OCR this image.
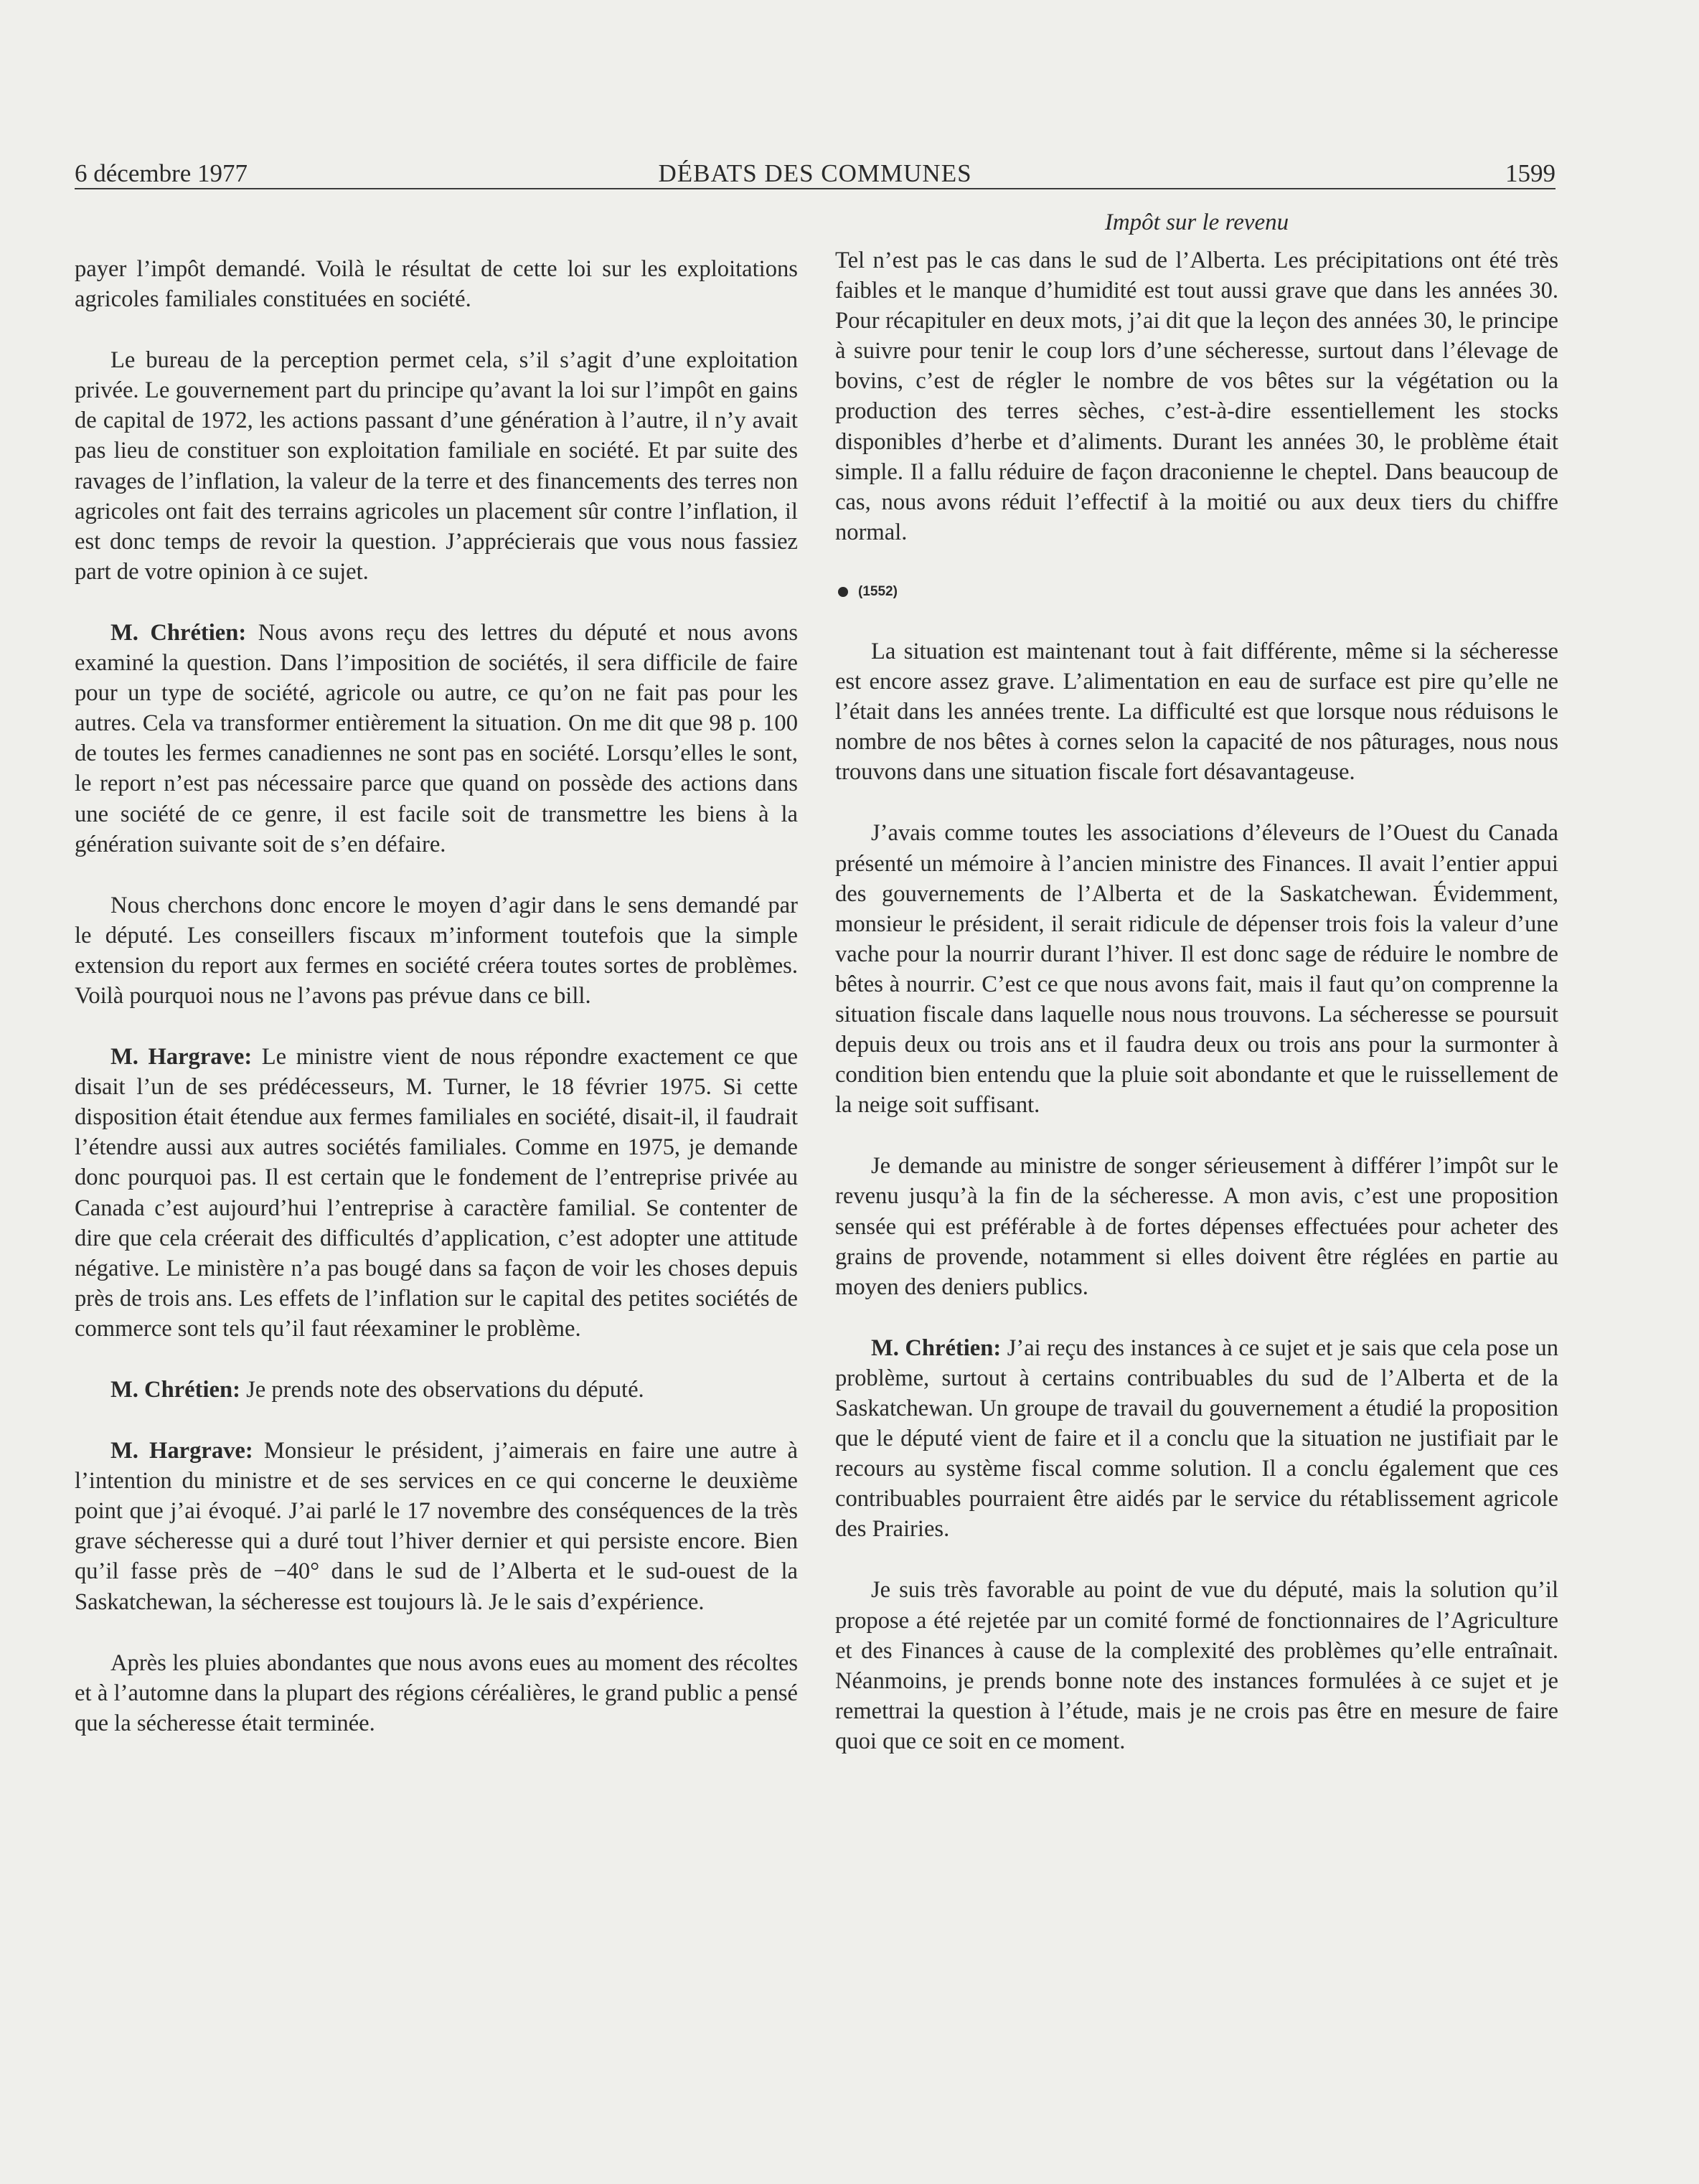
6 décembre 1977	DÉBATS DES COMMUNES	1599
Impôt sur le revenu

payer l’impôt demandé. Voilà le résultat de cette loi sur les exploitations agricoles familiales constituées en société.

Le bureau de la perception permet cela, s’il s’agit d’une exploitation privée. Le gouvernement part du principe qu’avant la loi sur l’impôt en gains de capital de 1972, les actions passant d’une génération à l’autre, il n’y avait pas lieu de constituer son exploitation familiale en société. Et par suite des ravages de l’inflation, la valeur de la terre et des financements des terres non agricoles ont fait des terrains agricoles un placement sûr contre l’inflation, il est donc temps de revoir la question. J’apprécierais que vous nous fassiez part de votre opinion à ce sujet.

M. Chrétien: Nous avons reçu des lettres du député et nous avons examiné la question. Dans l’imposition de sociétés, il sera difficile de faire pour un type de société, agricole ou autre, ce qu’on ne fait pas pour les autres. Cela va transformer entièrement la situation. On me dit que 98 p. 100 de toutes les fermes canadiennes ne sont pas en société. Lorsqu’elles le sont, le report n’est pas nécessaire parce que quand on possède des actions dans une société de ce genre, il est facile soit de transmettre les biens à la génération suivante soit de s’en défaire.

Nous cherchons donc encore le moyen d’agir dans le sens demandé par le député. Les conseillers fiscaux m’informent toutefois que la simple extension du report aux fermes en société créera toutes sortes de problèmes. Voilà pourquoi nous ne l’avons pas prévue dans ce bill.

M. Hargrave: Le ministre vient de nous répondre exactement ce que disait l’un de ses prédécesseurs, M. Turner, le 18 février 1975. Si cette disposition était étendue aux fermes familiales en société, disait-il, il faudrait l’étendre aussi aux autres sociétés familiales. Comme en 1975, je demande donc pourquoi pas. Il est certain que le fondement de l’entreprise privée au Canada c’est aujourd’hui l’entreprise à caractère familial. Se contenter de dire que cela créerait des difficultés d’application, c’est adopter une attitude négative. Le ministère n’a pas bougé dans sa façon de voir les choses depuis près de trois ans. Les effets de l’inflation sur le capital des petites sociétés de commerce sont tels qu’il faut réexaminer le problème.

M. Chrétien: Je prends note des observations du député.

M. Hargrave: Monsieur le président, j’aimerais en faire une autre à l’intention du ministre et de ses services en ce qui concerne le deuxième point que j’ai évoqué. J’ai parlé le 17 novembre des conséquences de la très grave sécheresse qui a duré tout l’hiver dernier et qui persiste encore. Bien qu’il fasse près de −40° dans le sud de l’Alberta et le sud-ouest de la Saskatchewan, la sécheresse est toujours là. Je le sais d’expérience.

Après les pluies abondantes que nous avons eues au moment des récoltes et à l’automne dans la plupart des régions céréalières, le grand public a pensé que la sécheresse était terminée.

Tel n’est pas le cas dans le sud de l’Alberta. Les précipitations ont été très faibles et le manque d’humidité est tout aussi grave que dans les années 30. Pour récapituler en deux mots, j’ai dit que la leçon des années 30, le principe à suivre pour tenir le coup lors d’une sécheresse, surtout dans l’élevage de bovins, c’est de régler le nombre de vos bêtes sur la végétation ou la production des terres sèches, c’est-à-dire essentiellement les stocks disponibles d’herbe et d’aliments. Durant les années 30, le problème était simple. Il a fallu réduire de façon draconienne le cheptel. Dans beaucoup de cas, nous avons réduit l’effectif à la moitié ou aux deux tiers du chiffre normal.

(1552)

La situation est maintenant tout à fait différente, même si la sécheresse est encore assez grave. L’alimentation en eau de surface est pire qu’elle ne l’était dans les années trente. La difficulté est que lorsque nous réduisons le nombre de nos bêtes à cornes selon la capacité de nos pâturages, nous nous trouvons dans une situation fiscale fort désavantageuse.

J’avais comme toutes les associations d’éleveurs de l’Ouest du Canada présenté un mémoire à l’ancien ministre des Finances. Il avait l’entier appui des gouvernements de l’Alberta et de la Saskatchewan. Évidemment, monsieur le président, il serait ridicule de dépenser trois fois la valeur d’une vache pour la nourrir durant l’hiver. Il est donc sage de réduire le nombre de bêtes à nourrir. C’est ce que nous avons fait, mais il faut qu’on comprenne la situation fiscale dans laquelle nous nous trouvons. La sécheresse se poursuit depuis deux ou trois ans et il faudra deux ou trois ans pour la surmonter à condition bien entendu que la pluie soit abondante et que le ruissellement de la neige soit suffisant.

Je demande au ministre de songer sérieusement à différer l’impôt sur le revenu jusqu’à la fin de la sécheresse. A mon avis, c’est une proposition sensée qui est préférable à de fortes dépenses effectuées pour acheter des grains de provende, notamment si elles doivent être réglées en partie au moyen des deniers publics.

M. Chrétien: J’ai reçu des instances à ce sujet et je sais que cela pose un problème, surtout à certains contribuables du sud de l’Alberta et de la Saskatchewan. Un groupe de travail du gouvernement a étudié la proposition que le député vient de faire et il a conclu que la situation ne justifiait par le recours au système fiscal comme solution. Il a conclu également que ces contribuables pourraient être aidés par le service du rétablissement agricole des Prairies.

Je suis très favorable au point de vue du député, mais la solution qu’il propose a été rejetée par un comité formé de fonctionnaires de l’Agriculture et des Finances à cause de la complexité des problèmes qu’elle entraînait. Néanmoins, je prends bonne note des instances formulées à ce sujet et je remettrai la question à l’étude, mais je ne crois pas être en mesure de faire quoi que ce soit en ce moment.
